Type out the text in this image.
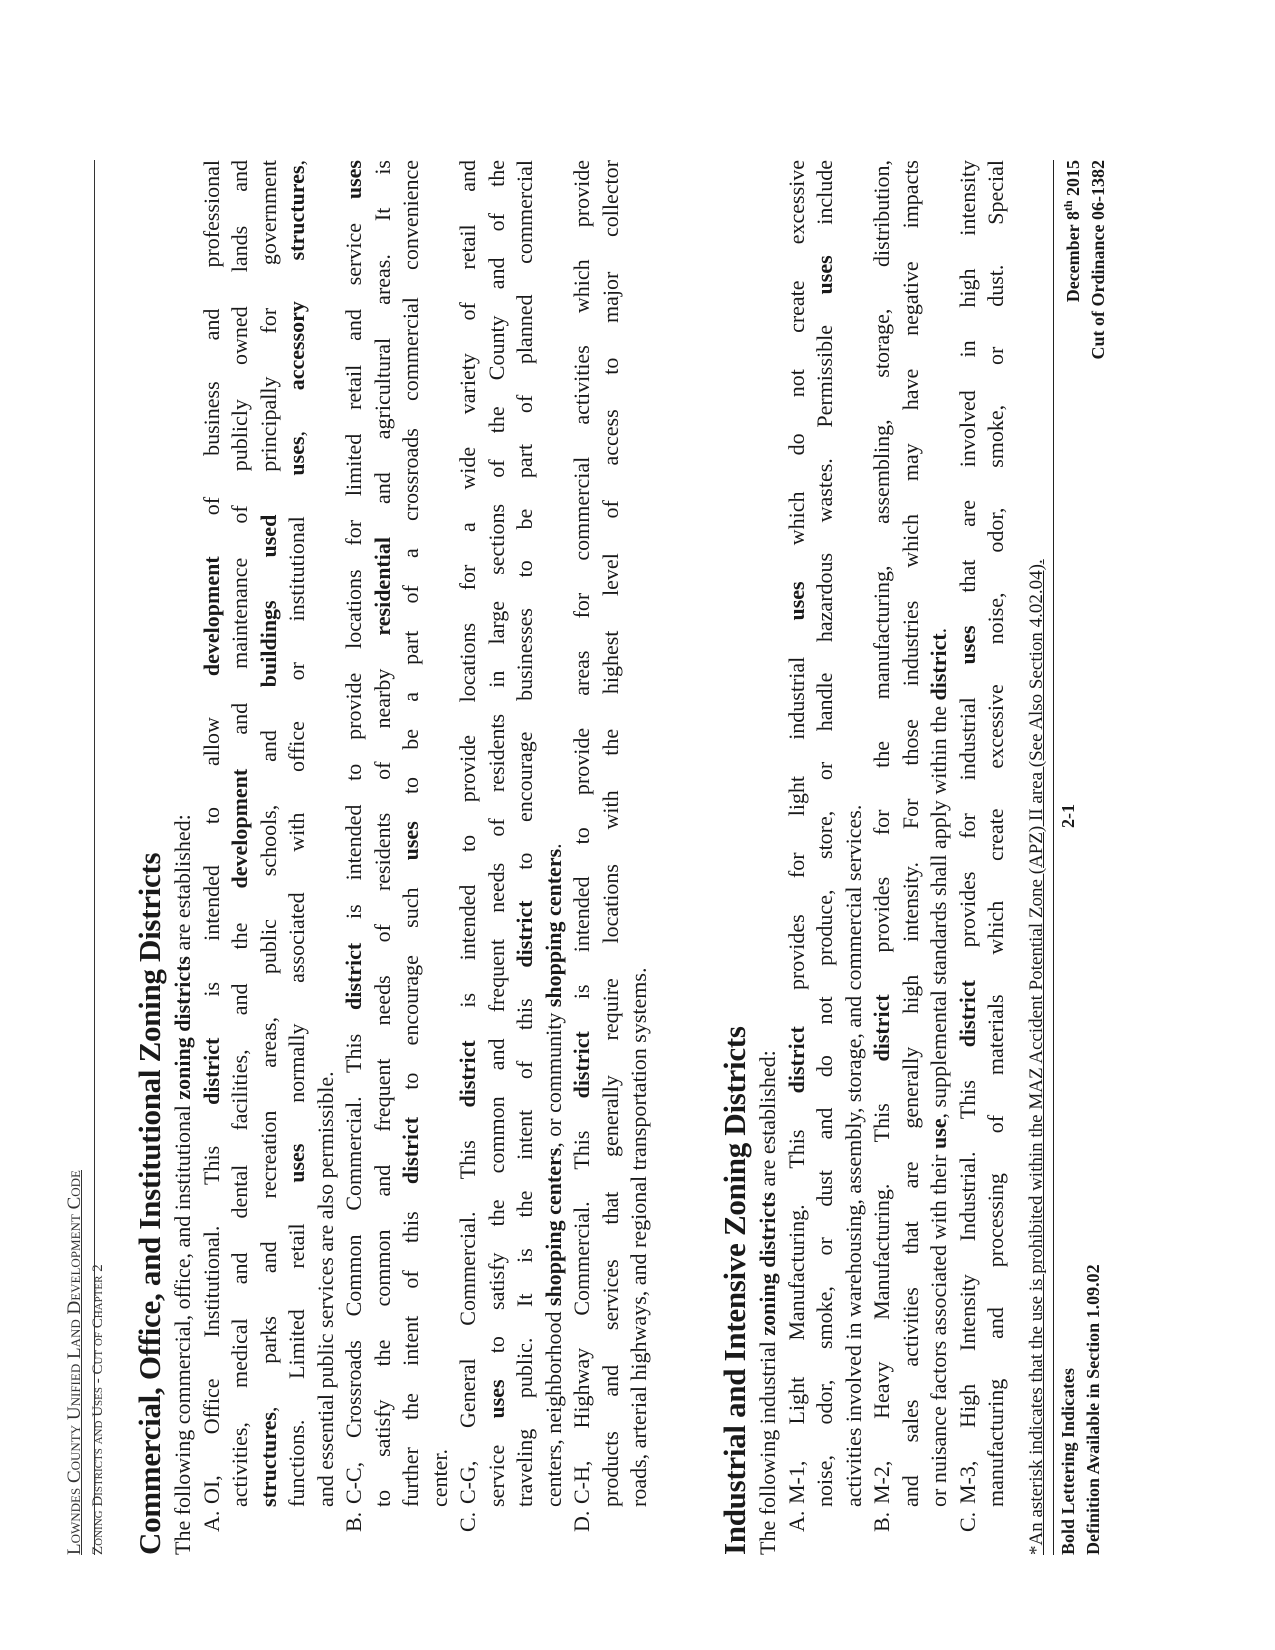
Lowndes County Unified Land Development Code Zoning Districts and Uses - Cut of Chapter 2 Commercial, Office, and Institutional Zoning Districts The following commercial, office, and institutional zoning districts are established:
A.
OI, Office Institutional. This district is intended to allow development of business and professional
activities, medical and dental facilities, and the development and maintenance of publicly owned lands and
structures, parks and recreation areas, public schools, and buildings used principally for government
functions. Limited retail uses normally associated with office or institutional uses, accessory structures,
and essential public services are also permissible.
B.
C-C, Crossroads Common Commercial. This district is intended to provide locations for limited retail and service uses
to satisfy the common and frequent needs of residents of nearby residential and agricultural areas. It is
further the intent of this district to encourage such uses to be a part of a crossroads commercial convenience
center.
C.
C-G, General Commercial. This district is intended to provide locations for a wide variety of retail and
service uses to satisfy the common and frequent needs of residents in large sections of the County and of the traveling public. It is the intent of this district to encourage businesses to be part of planned commercial
centers, neighborhood shopping centers, or community shopping centers.
D.
C-H, Highway Commercial. This district is intended to provide areas for commercial activities which provide products and services that generally require locations with the highest level of access to major collector roads, arterial highways, and regional transportation systems. Industrial and Intensive Zoning Districts The following industrial zoning districts are established:
A.
M-1, Light Manufacturing. This district provides for light industrial uses which do not create excessive noise, odor, smoke, or dust and do not produce, store, or handle hazardous wastes. Permissible uses include
activities involved in warehousing, assembly, storage, and commercial services.
B.
M-2, Heavy Manufacturing. This district provides for the manufacturing, assembling, storage, distribution, and sales activities that are generally high intensity. For those industries which may have negative impacts or nuisance factors associated with their use, supplemental standards shall apply within the district.
C.
M-3, High Intensity Industrial. This district provides for industrial uses that are involved in high intensity manufacturing and processing of materials which create excessive noise, odor, smoke, or dust. Special *An asterisk indicates that the use is prohibited within the MAZ Accident Potential Zone (APZ) II area (See Also Section 4.02.04). Bold Lettering Indicates Definition Available in Section 1.09.02
2-1
December 8th 2015 Cut of Ordinance 06-1382
